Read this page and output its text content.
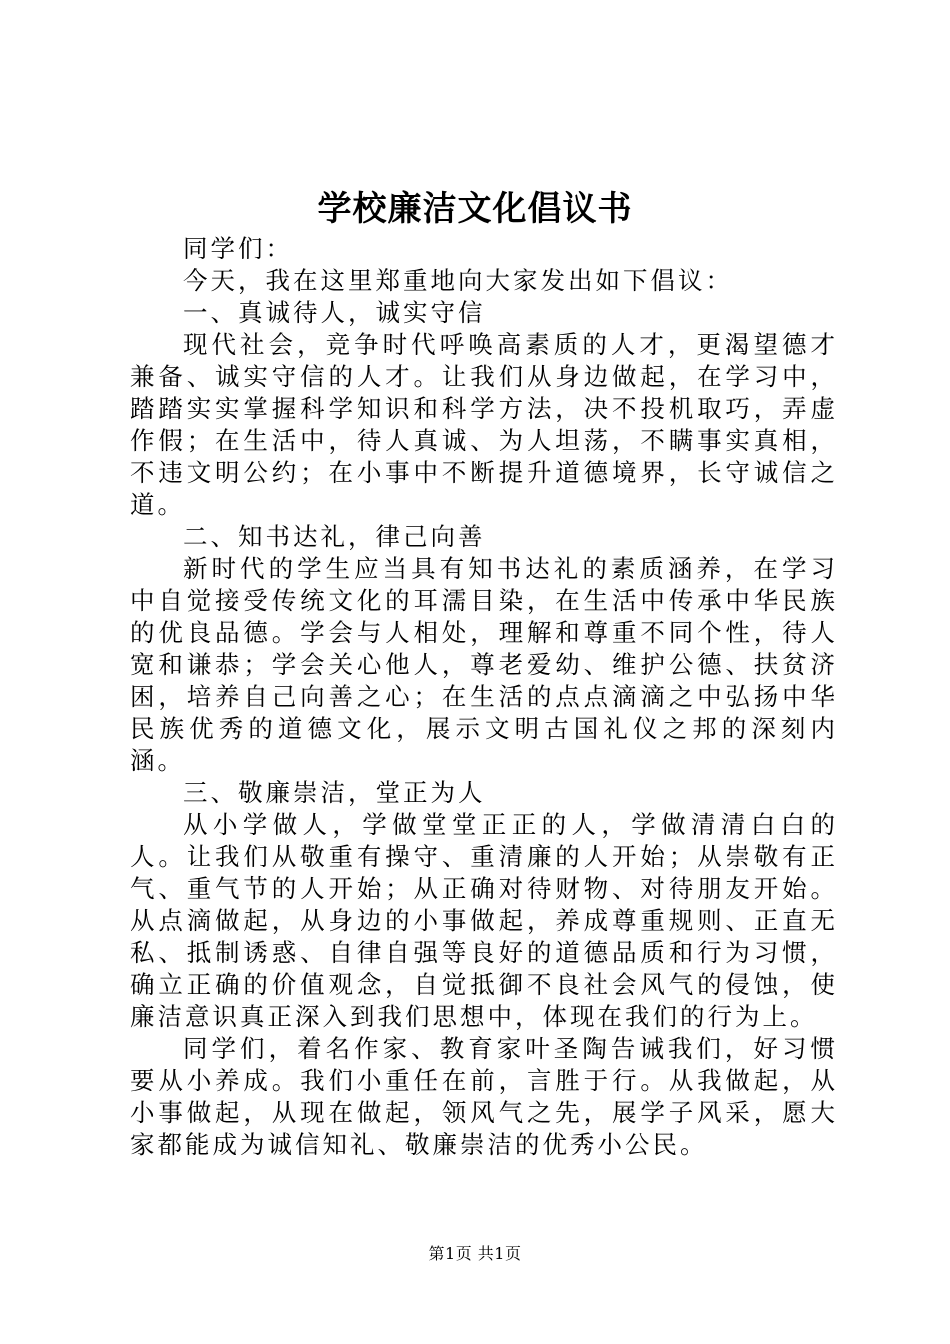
学校廉洁文化倡议书

同学们：

今天，我在这里郑重地向大家发出如下倡议：

一、真诚待人，诚实守信

现代社会，竞争时代呼唤高素质的人才，更渴望德才兼备、诚实守信的人才。让我们从身边做起，在学习中，踏踏实实掌握科学知识和科学方法，决不投机取巧，弄虚作假；在生活中，待人真诚、为人坦荡，不瞒事实真相，不违文明公约；在小事中不断提升道德境界，长守诚信之道。

二、知书达礼，律己向善

新时代的学生应当具有知书达礼的素质涵养，在学习中自觉接受传统文化的耳濡目染，在生活中传承中华民族的优良品德。学会与人相处，理解和尊重不同个性，待人宽和谦恭；学会关心他人，尊老爱幼、维护公德、扶贫济困，培养自己向善之心；在生活的点点滴滴之中弘扬中华民族优秀的道德文化，展示文明古国礼仪之邦的深刻内涵。

三、敬廉崇洁，堂正为人

从小学做人，学做堂堂正正的人，学做清清白白的人。让我们从敬重有操守、重清廉的人开始；从崇敬有正气、重气节的人开始；从正确对待财物、对待朋友开始。从点滴做起，从身边的小事做起，养成尊重规则、正直无私、抵制诱惑、自律自强等良好的道德品质和行为习惯，确立正确的价值观念，自觉抵御不良社会风气的侵蚀，使廉洁意识真正深入到我们思想中，体现在我们的行为上。

同学们，着名作家、教育家叶圣陶告诫我们，好习惯要从小养成。我们小重任在前，言胜于行。从我做起，从小事做起，从现在做起，领风气之先，展学子风采，愿大家都能成为诚信知礼、敬廉崇洁的优秀小公民。

第1页 共1页
